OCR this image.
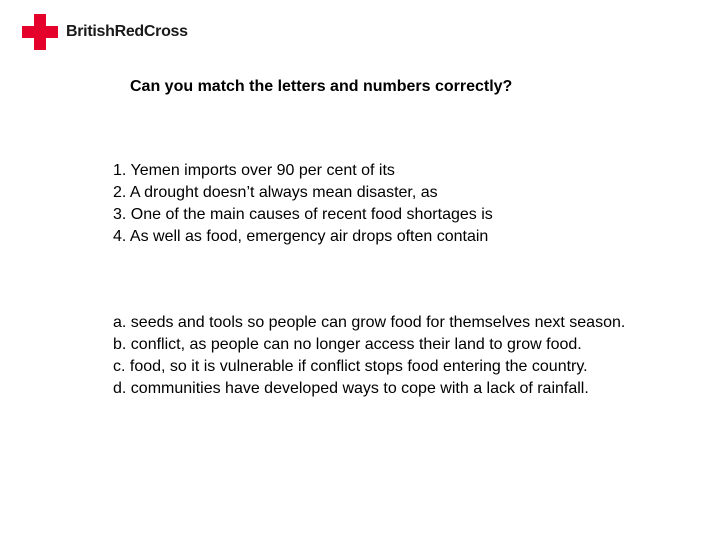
BritishRedCross
Can you match the letters and numbers correctly?
1. Yemen imports over 90 per cent of its
2. A drought doesn’t always mean disaster, as
3. One of the main causes of recent food shortages is
4. As well as food, emergency air drops often contain
a. seeds and tools so people can grow food for themselves next season.
b. conflict, as people can no longer access their land to grow food.
c. food, so it is vulnerable if conflict stops food entering the country.
d. communities have developed ways to cope with a lack of rainfall.
